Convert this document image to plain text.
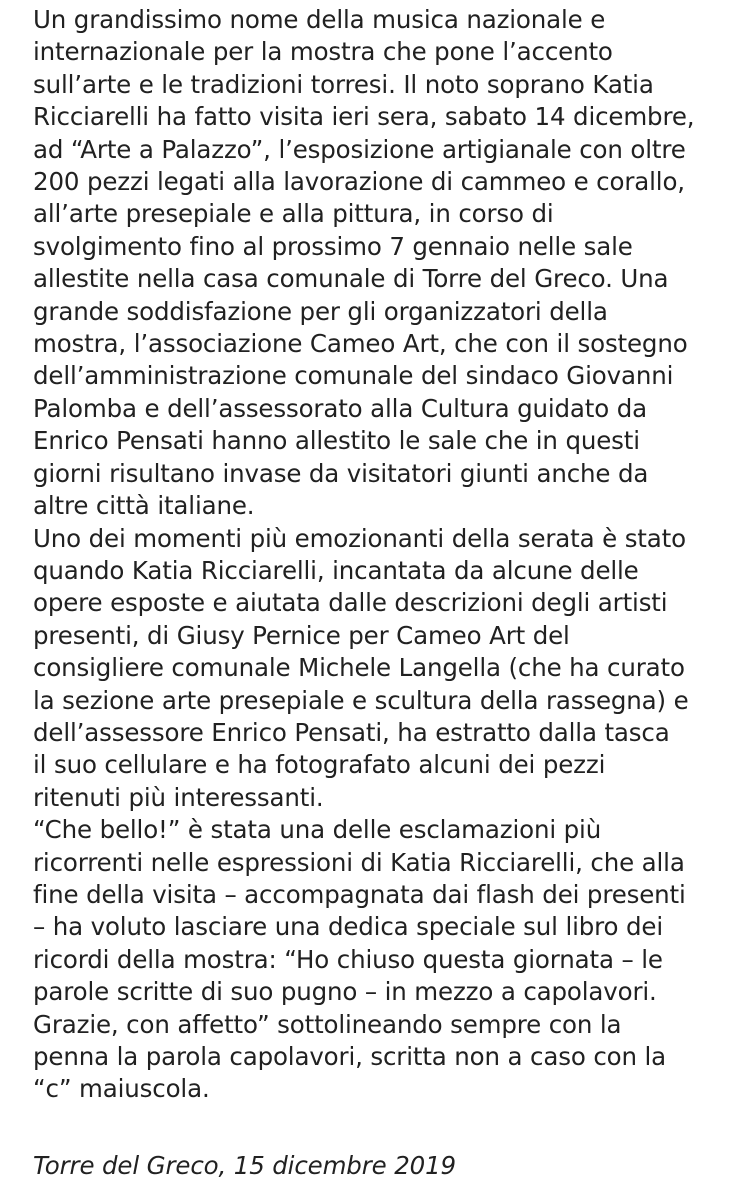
Un grandissimo nome della musica nazionale e
internazionale per la mostra che pone l’accento
sull’arte e le tradizioni torresi. Il noto soprano Katia
Ricciarelli ha fatto visita ieri sera, sabato 14 dicembre,
ad “Arte a Palazzo”, l’esposizione artigianale con oltre
200 pezzi legati alla lavorazione di cammeo e corallo,
all’arte presepiale e alla pittura, in corso di
svolgimento fino al prossimo 7 gennaio nelle sale
allestite nella casa comunale di Torre del Greco. Una
grande soddisfazione per gli organizzatori della
mostra, l’associazione Cameo Art, che con il sostegno
dell’amministrazione comunale del sindaco Giovanni
Palomba e dell’assessorato alla Cultura guidato da
Enrico Pensati hanno allestito le sale che in questi
giorni risultano invase da visitatori giunti anche da
altre città italiane.

Uno dei momenti più emozionanti della serata è stato
quando Katia Ricciarelli, incantata da alcune delle
opere esposte e aiutata dalle descrizioni degli artisti
presenti, di Giusy Pernice per Cameo Art del
consigliere comunale Michele Langella (che ha curato
la sezione arte presepiale e scultura della rassegna) e
dell’assessore Enrico Pensati, ha estratto dalla tasca
il suo cellulare e ha fotografato alcuni dei pezzi
ritenuti più interessanti.

“Che bello!” è stata una delle esclamazioni più
ricorrenti nelle espressioni di Katia Ricciarelli, che alla
fine della visita – accompagnata dai flash dei presenti
– ha voluto lasciare una dedica speciale sul libro dei
ricordi della mostra: “Ho chiuso questa giornata – le
parole scritte di suo pugno – in mezzo a capolavori.
Grazie, con affetto” sottolineando sempre con la
penna la parola capolavori, scritta non a caso con la
“c” maiuscola.

Torre del Greco, 15 dicembre 2019
